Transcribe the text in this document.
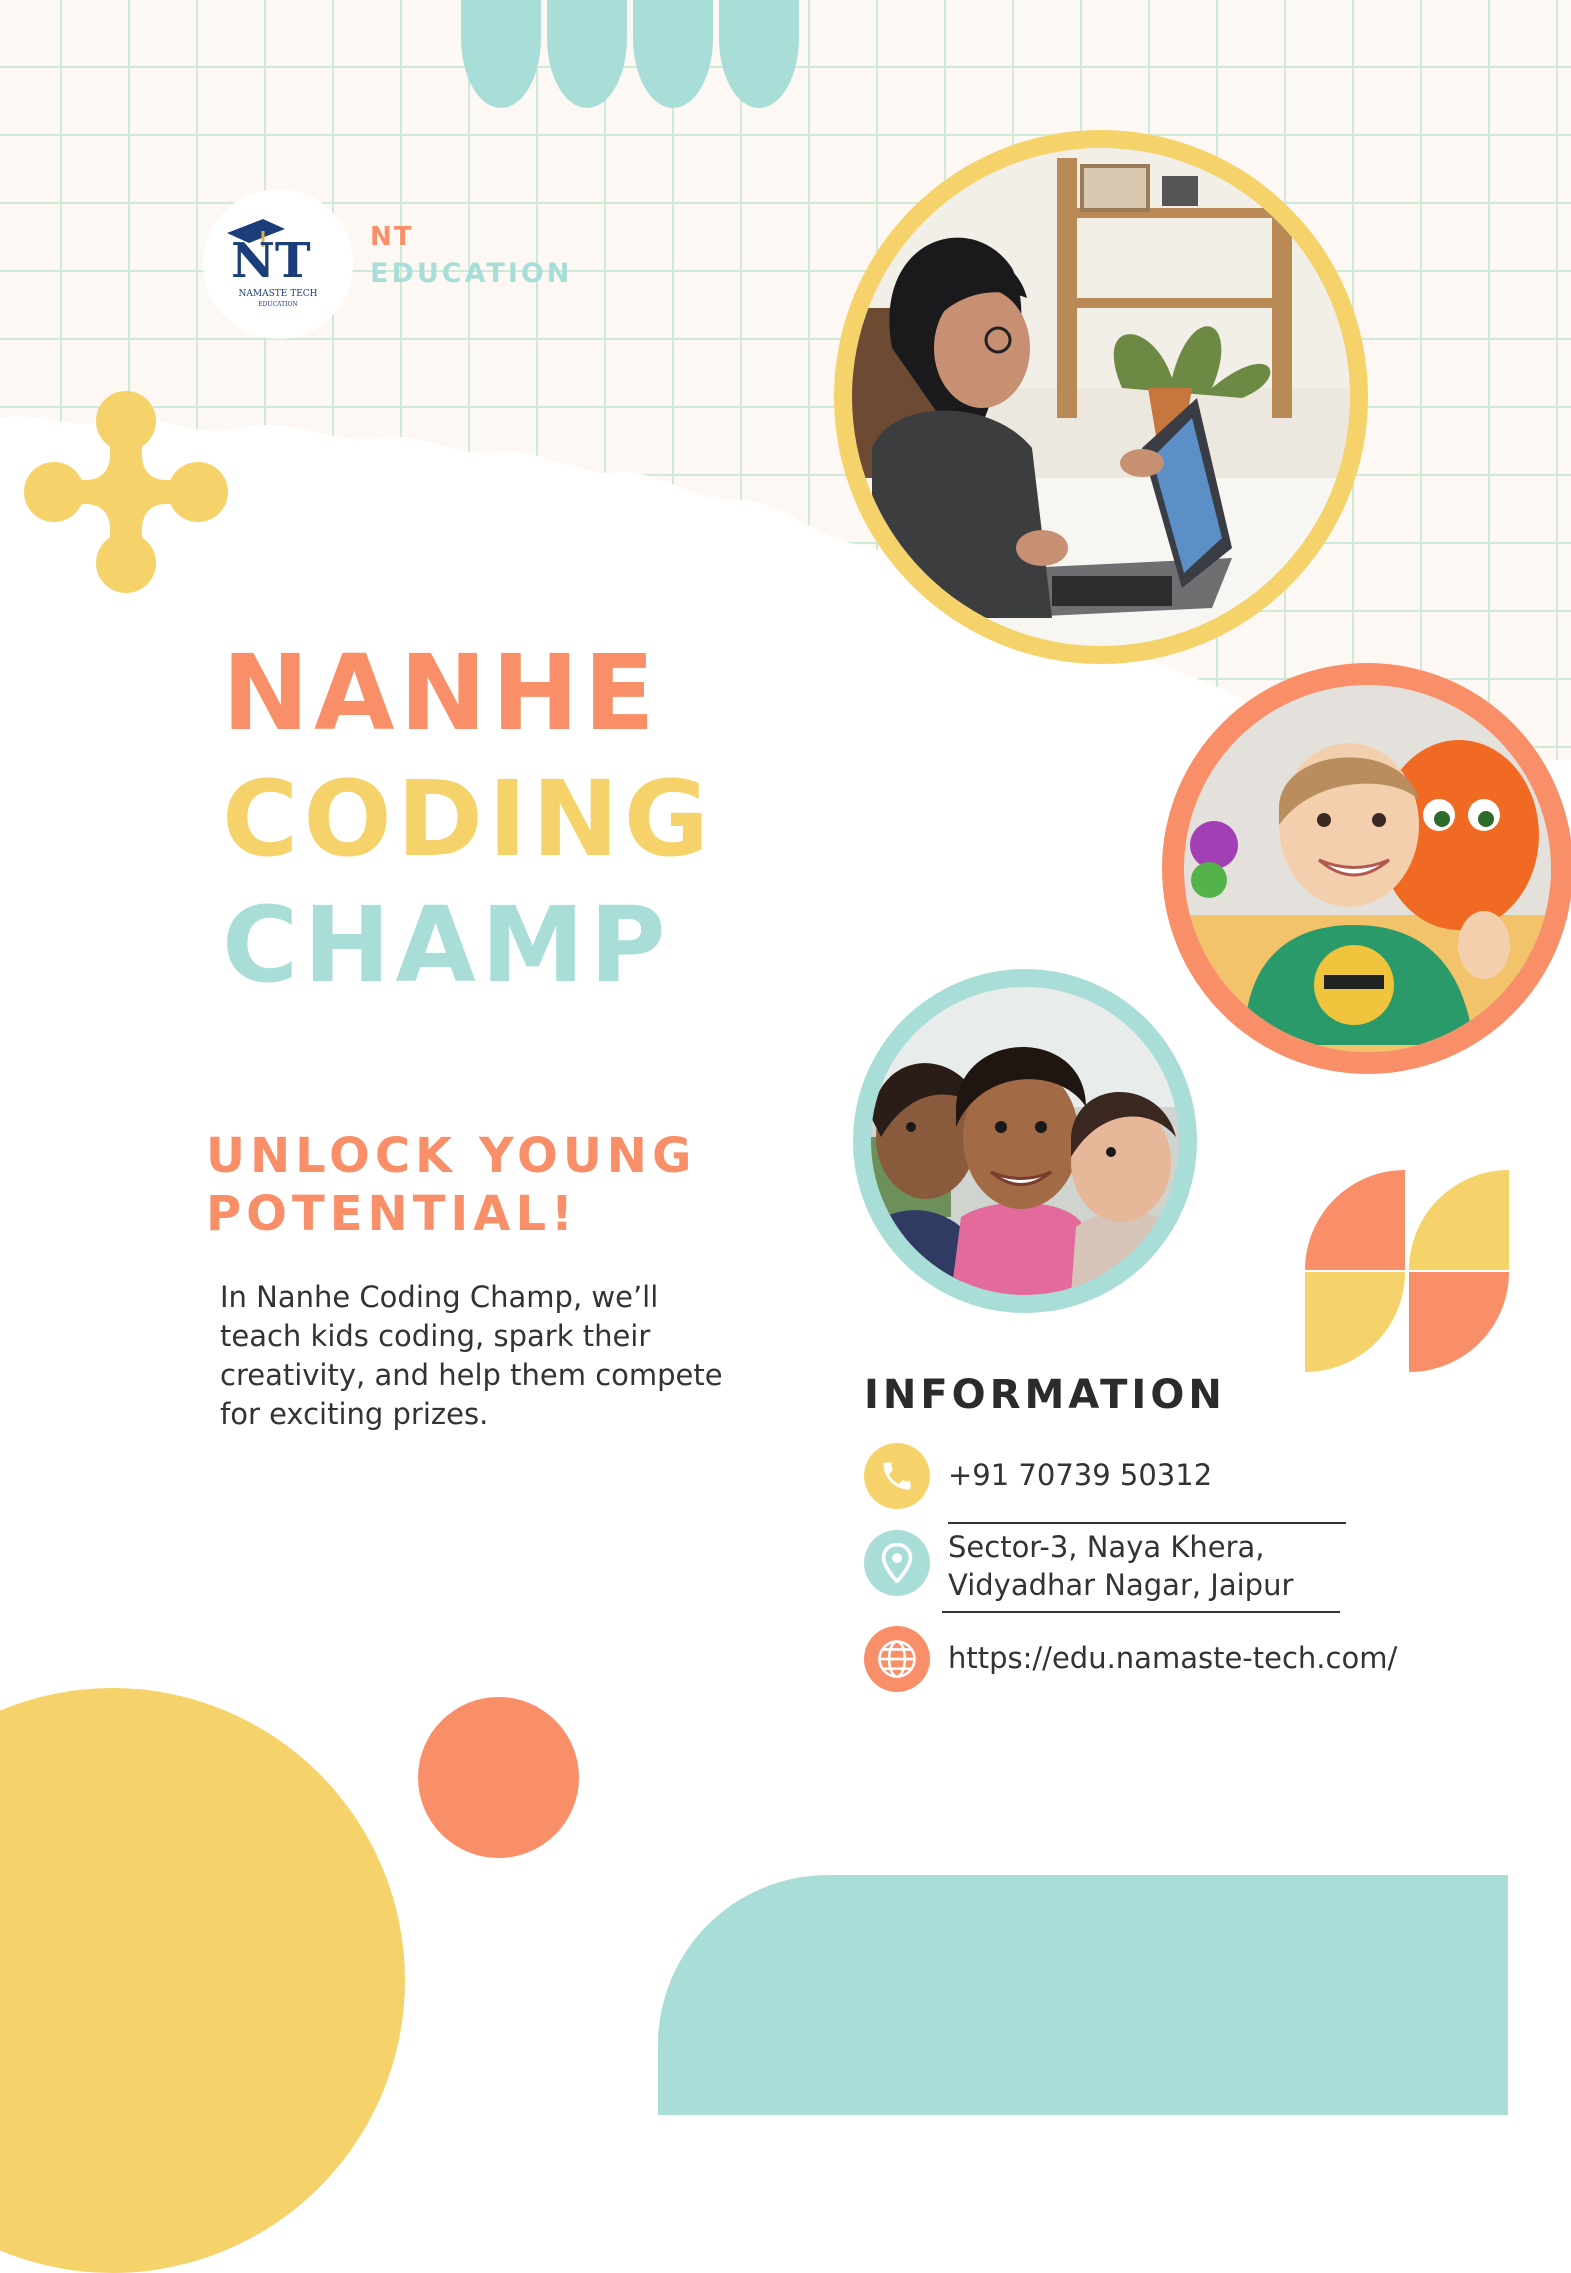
NT
NAMASTE TECH
EDUCATION
NT
EDUCATION
NANHE
CODING
CHAMP
UNLOCK YOUNG
POTENTIAL!
In Nanhe Coding Champ, we’ll teach kids coding, spark their creativity, and help them compete for exciting prizes.	INFORMATION
+91 70739 50312
Sector-3, Naya Khera,
Vidyadhar Nagar, Jaipur
https://edu.namaste-tech.com/
